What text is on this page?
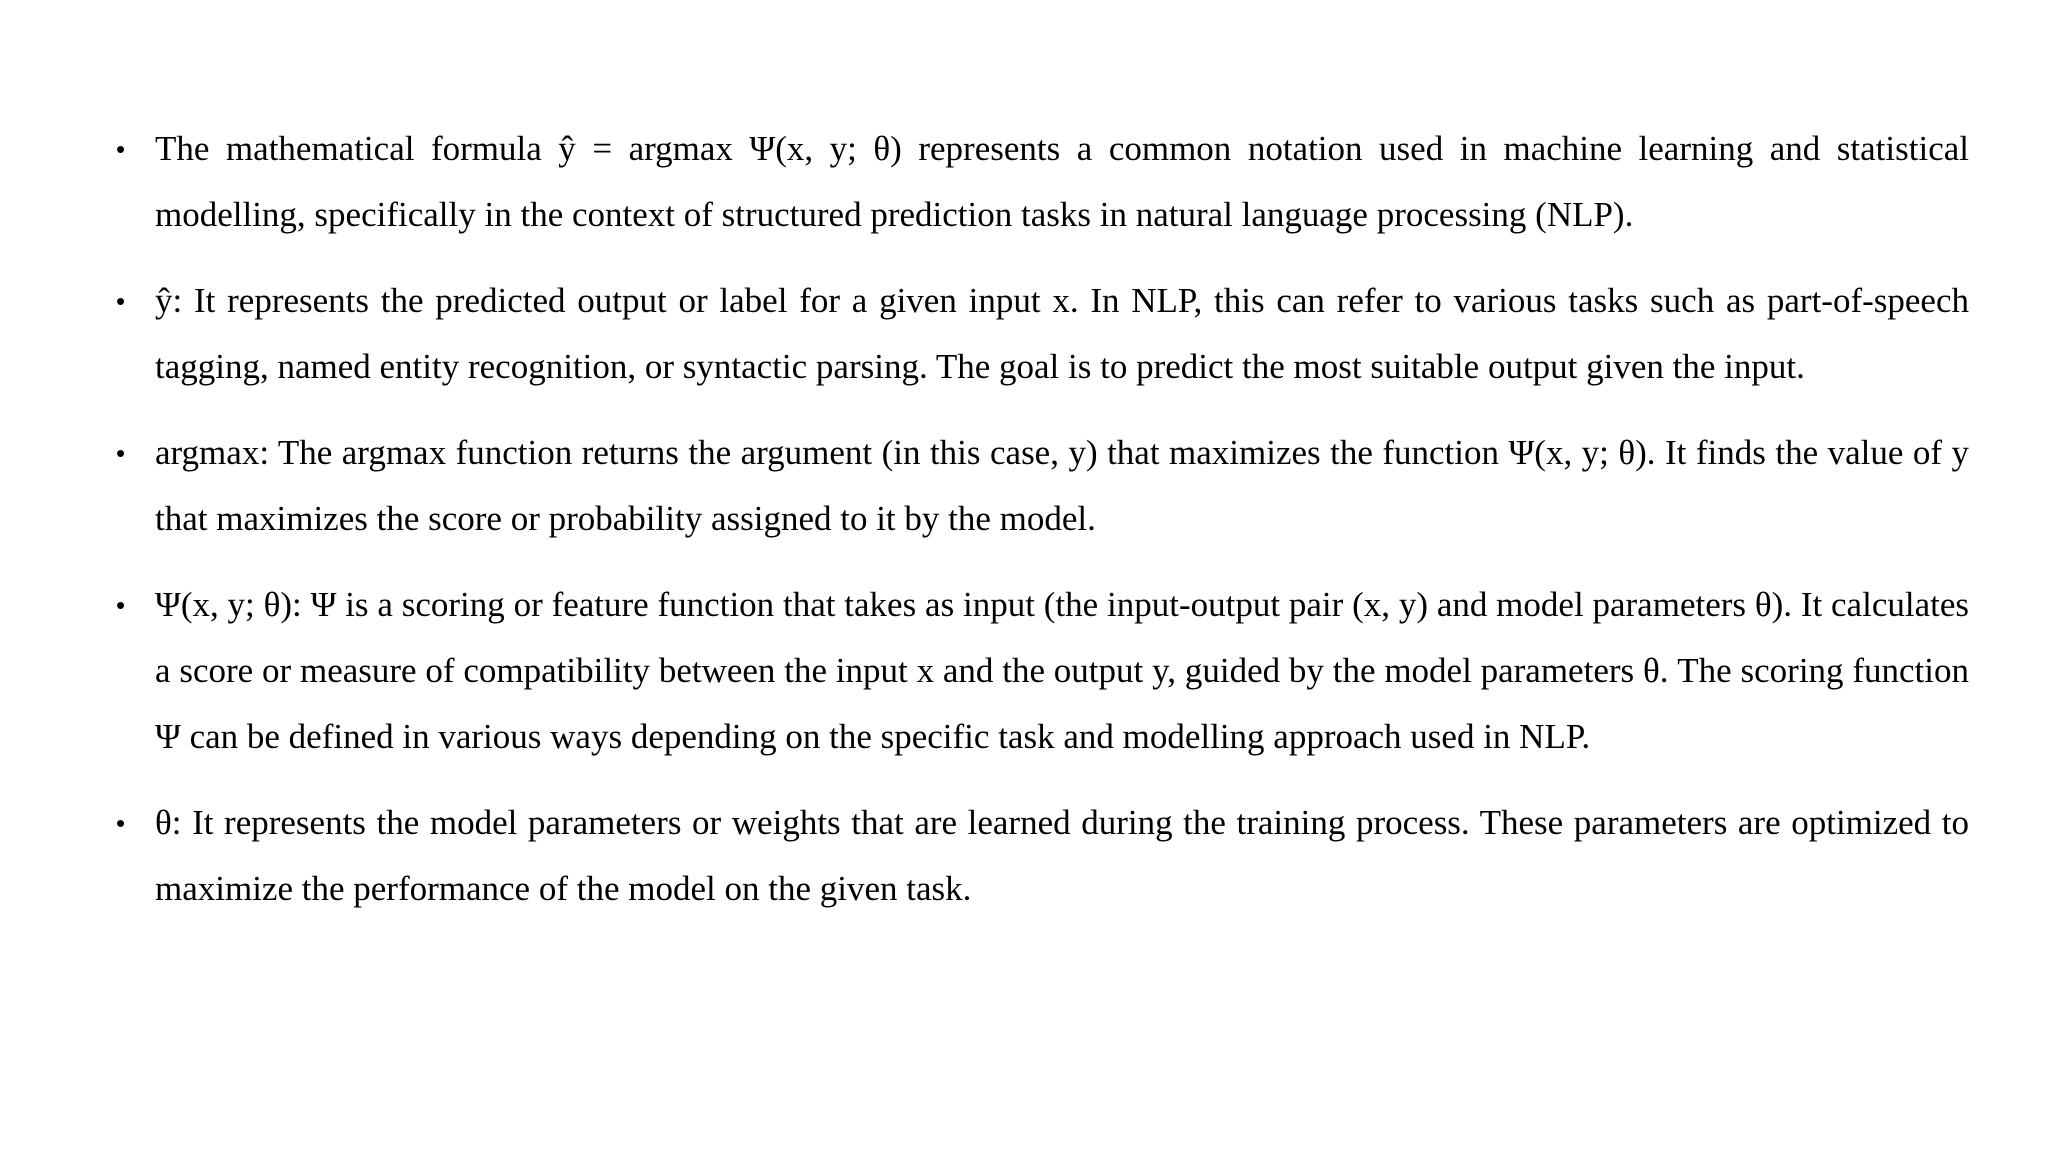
• The mathematical formula ŷ = argmax Ψ(x, y; θ) represents a common notation used in machine learning and statistical modelling, specifically in the context of structured prediction tasks in natural language processing (NLP).
• ŷ: It represents the predicted output or label for a given input x. In NLP, this can refer to various tasks such as part-of-speech tagging, named entity recognition, or syntactic parsing. The goal is to predict the most suitable output given the input.
• argmax: The argmax function returns the argument (in this case, y) that maximizes the function Ψ(x, y; θ). It finds the value of y that maximizes the score or probability assigned to it by the model.
• Ψ(x, y; θ): Ψ is a scoring or feature function that takes as input (the input-output pair (x, y) and model parameters θ). It calculates a score or measure of compatibility between the input x and the output y, guided by the model parameters θ. The scoring function Ψ can be defined in various ways depending on the specific task and modelling approach used in NLP.
• θ: It represents the model parameters or weights that are learned during the training process. These parameters are optimized to maximize the performance of the model on the given task.
